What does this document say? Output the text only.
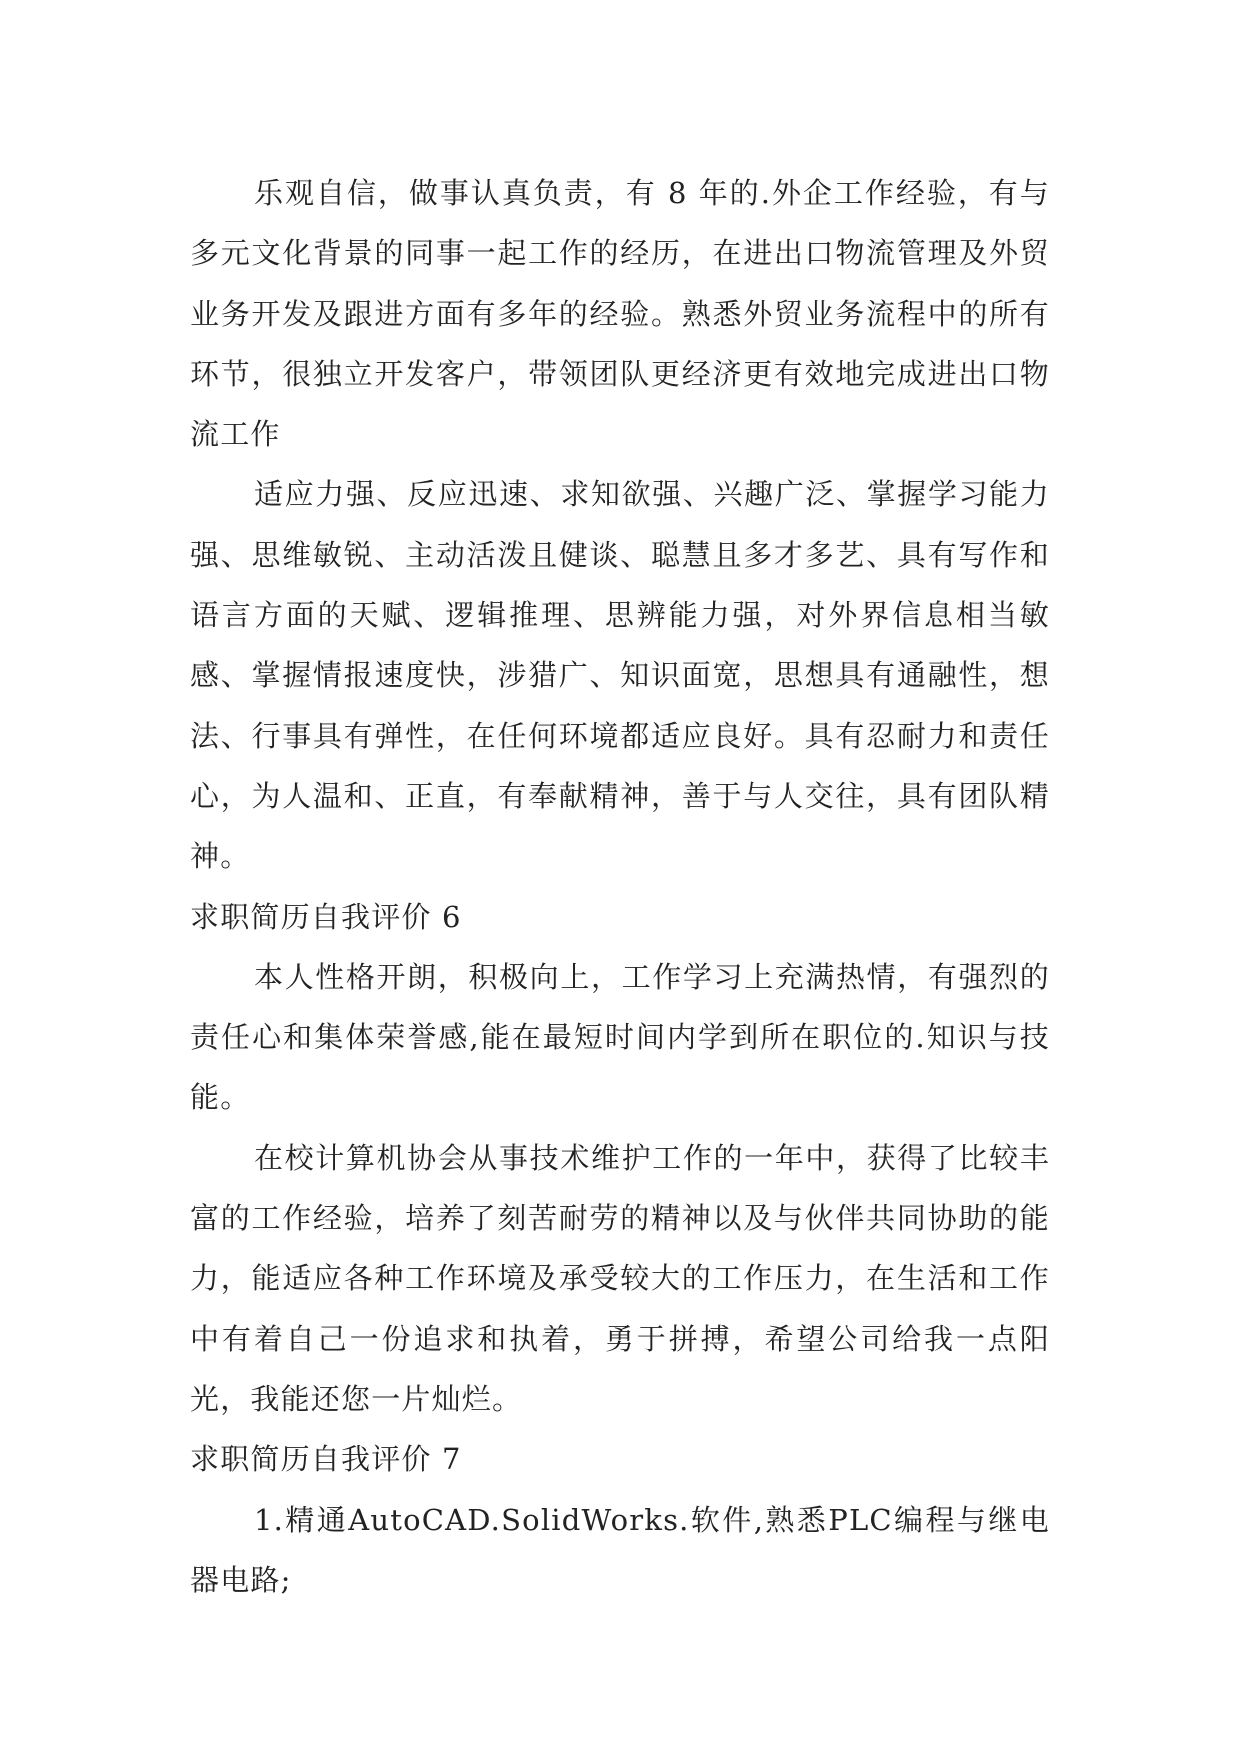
乐观自信，做事认真负责，有 8 年的.外企工作经验，有与多元文化背景的同事一起工作的经历，在进出口物流管理及外贸业务开发及跟进方面有多年的经验。熟悉外贸业务流程中的所有环节，很独立开发客户，带领团队更经济更有效地完成进出口物流工作

适应力强、反应迅速、求知欲强、兴趣广泛、掌握学习能力强、思维敏锐、主动活泼且健谈、聪慧且多才多艺、具有写作和语言方面的天赋、逻辑推理、思辨能力强，对外界信息相当敏感、掌握情报速度快，涉猎广、知识面宽，思想具有通融性，想法、行事具有弹性，在任何环境都适应良好。具有忍耐力和责任心，为人温和、正直，有奉献精神，善于与人交往，具有团队精神。

求职简历自我评价 6

本人性格开朗，积极向上，工作学习上充满热情，有强烈的责任心和集体荣誉感,能在最短时间内学到所在职位的.知识与技能。

在校计算机协会从事技术维护工作的一年中，获得了比较丰富的工作经验，培养了刻苦耐劳的精神以及与伙伴共同协助的能力，能适应各种工作环境及承受较大的工作压力，在生活和工作中有着自己一份追求和执着，勇于拼搏，希望公司给我一点阳光，我能还您一片灿烂。

求职简历自我评价 7

1.精通AutoCAD.SolidWorks.软件,熟悉PLC编程与继电器电路;
